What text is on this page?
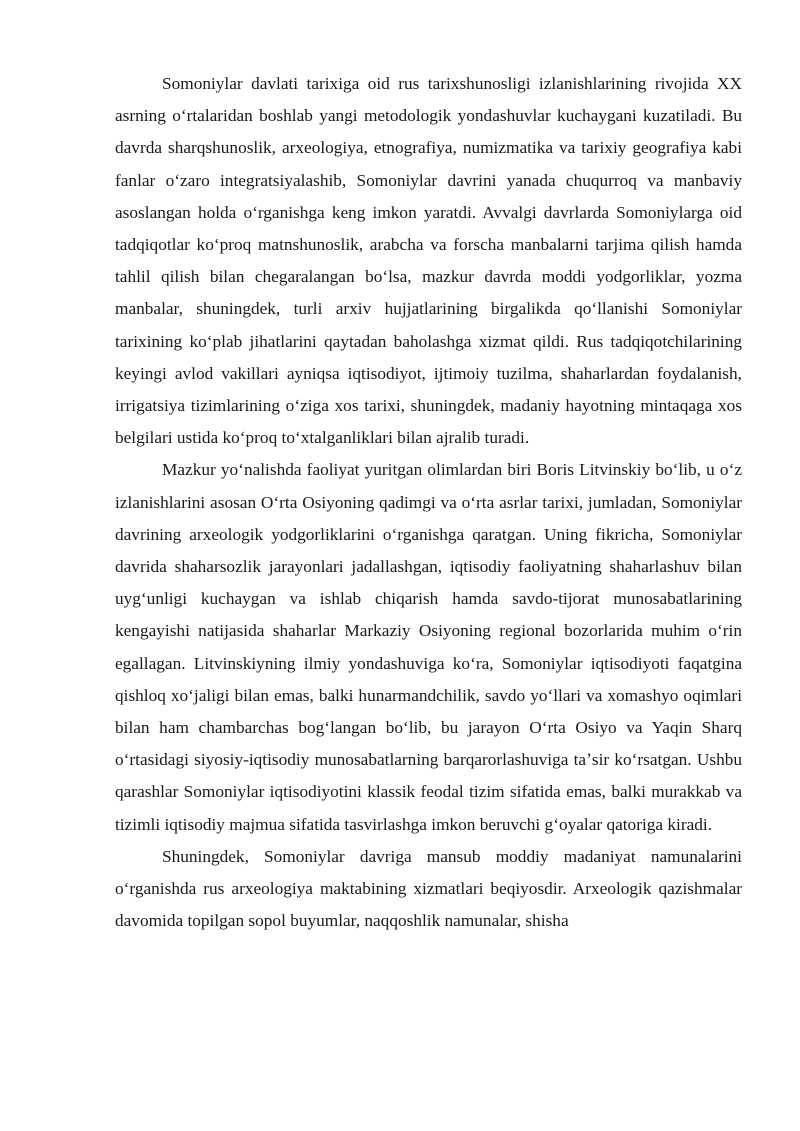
Somoniylar davlati tarixiga oid rus tarixshunosligi izlanishlarining rivojida XX asrning oʻrtalaridan boshlab yangi metodologik yondashuvlar kuchaygani kuzatiladi. Bu davrda sharqshunoslik, arxeologiya, etnografiya, numizmatika va tarixiy geografiya kabi fanlar oʻzaro integratsiyalashib, Somoniylar davrini yanada chuqurroq va manbaviy asoslangan holda oʻrganishga keng imkon yaratdi. Avvalgi davrlarda Somoniylarga oid tadqiqotlar koʻproq matnshunoslik, arabcha va forscha manbalarni tarjima qilish hamda tahlil qilish bilan chegaralangan boʻlsa, mazkur davrda moddi yodgorliklar, yozma manbalar, shuningdek, turli arxiv hujjatlarining birgalikda qoʻllanishi Somoniylar tarixining koʻplab jihatlarini qaytadan baholashga xizmat qildi. Rus tadqiqotchilarining keyingi avlod vakillari ayniqsa iqtisodiyot, ijtimoiy tuzilma, shaharlardan foydalanish, irrigatsiya tizimlarining oʻziga xos tarixi, shuningdek, madaniy hayotning mintaqaga xos belgilari ustida koʻproq toʻxtalganliklari bilan ajralib turadi.

Mazkur yoʻnalishda faoliyat yuritgan olimlardan biri Boris Litvinskiy boʻlib, u oʻz izlanishlarini asosan Oʻrta Osiyoning qadimgi va oʻrta asrlar tarixi, jumladan, Somoniylar davrining arxeologik yodgorliklarini oʻrganishga qaratgan. Uning fikricha, Somoniylar davrida shaharsozlik jarayonlari jadallashgan, iqtisodiy faoliyatning shaharlashuv bilan uygʻunligi kuchaygan va ishlab chiqarish hamda savdo-tijorat munosabatlarining kengayishi natijasida shaharlar Markaziy Osiyoning regional bozorlarida muhim oʻrin egallagan. Litvinskiyning ilmiy yondashuviga koʻra, Somoniylar iqtisodiyoti faqatgina qishloq xoʻjaligi bilan emas, balki hunarmandchilik, savdo yoʻllari va xomashyo oqimlari bilan ham chambarchas bogʻlangan boʻlib, bu jarayon Oʻrta Osiyo va Yaqin Sharq oʻrtasidagi siyosiy-iqtisodiy munosabatlarning barqarorlashuviga taʼsir koʻrsatgan. Ushbu qarashlar Somoniylar iqtisodiyotini klassik feodal tizim sifatida emas, balki murakkab va tizimli iqtisodiy majmua sifatida tasvirlashga imkon beruvchi gʻoyalar qatoriga kiradi.

Shuningdek, Somoniylar davriga mansub moddiy madaniyat namunalarini oʻrganishda rus arxeologiya maktabining xizmatlari beqiyosdir. Arxeologik qazishmalar davomida topilgan sopol buyumlar, naqqoshlik namunalar, shisha
